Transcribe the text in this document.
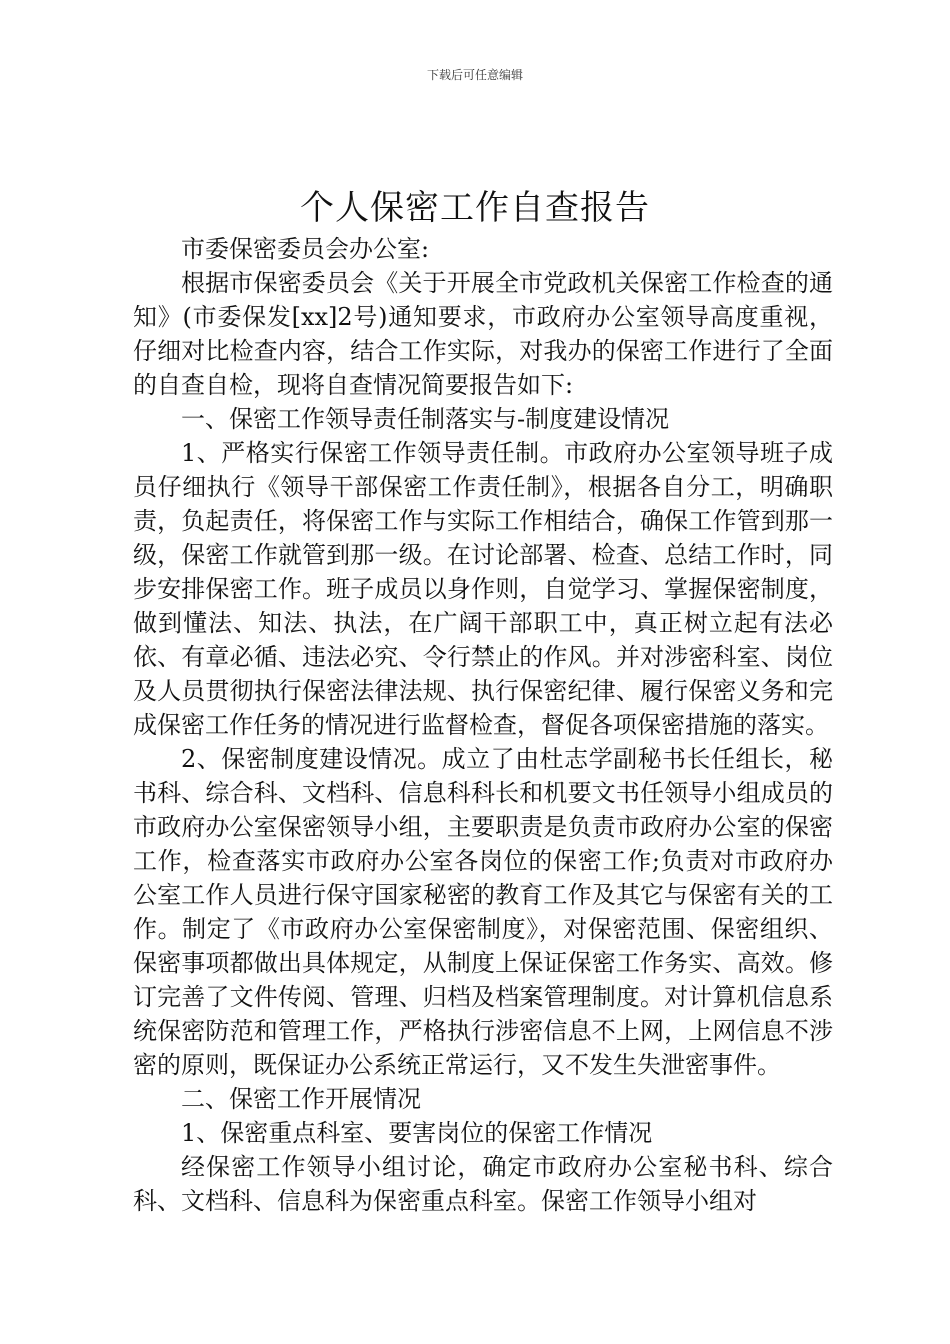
下载后可任意编辑
个人保密工作自查报告

市委保密委员会办公室:

根据市保密委员会《关于开展全市党政机关保密工作检查的通知》(市委保发[xx]2号)通知要求，市政府办公室领导高度重视，仔细对比检查内容，结合工作实际，对我办的保密工作进行了全面的自查自检，现将自查情况简要报告如下:

一、保密工作领导责任制落实与-制度建设情况

1、严格实行保密工作领导责任制。市政府办公室领导班子成员仔细执行《领导干部保密工作责任制》，根据各自分工，明确职责，负起责任，将保密工作与实际工作相结合，确保工作管到那一级，保密工作就管到那一级。在讨论部署、检查、总结工作时，同步安排保密工作。班子成员以身作则，自觉学习、掌握保密制度，做到懂法、知法、执法，在广阔干部职工中，真正树立起有法必依、有章必循、违法必究、令行禁止的作风。并对涉密科室、岗位及人员贯彻执行保密法律法规、执行保密纪律、履行保密义务和完成保密工作任务的情况进行监督检查，督促各项保密措施的落实。

2、保密制度建设情况。成立了由杜志学副秘书长任组长，秘书科、综合科、文档科、信息科科长和机要文书任领导小组成员的市政府办公室保密领导小组，主要职责是负责市政府办公室的保密工作，检查落实市政府办公室各岗位的保密工作;负责对市政府办公室工作人员进行保守国家秘密的教育工作及其它与保密有关的工作。制定了《市政府办公室保密制度》，对保密范围、保密组织、保密事项都做出具体规定，从制度上保证保密工作务实、高效。修订完善了文件传阅、管理、归档及档案管理制度。对计算机信息系统保密防范和管理工作，严格执行涉密信息不上网，上网信息不涉密的原则，既保证办公系统正常运行，又不发生失泄密事件。

二、保密工作开展情况

1、保密重点科室、要害岗位的保密工作情况

经保密工作领导小组讨论，确定市政府办公室秘书科、综合科、文档科、信息科为保密重点科室。保密工作领导小组对
